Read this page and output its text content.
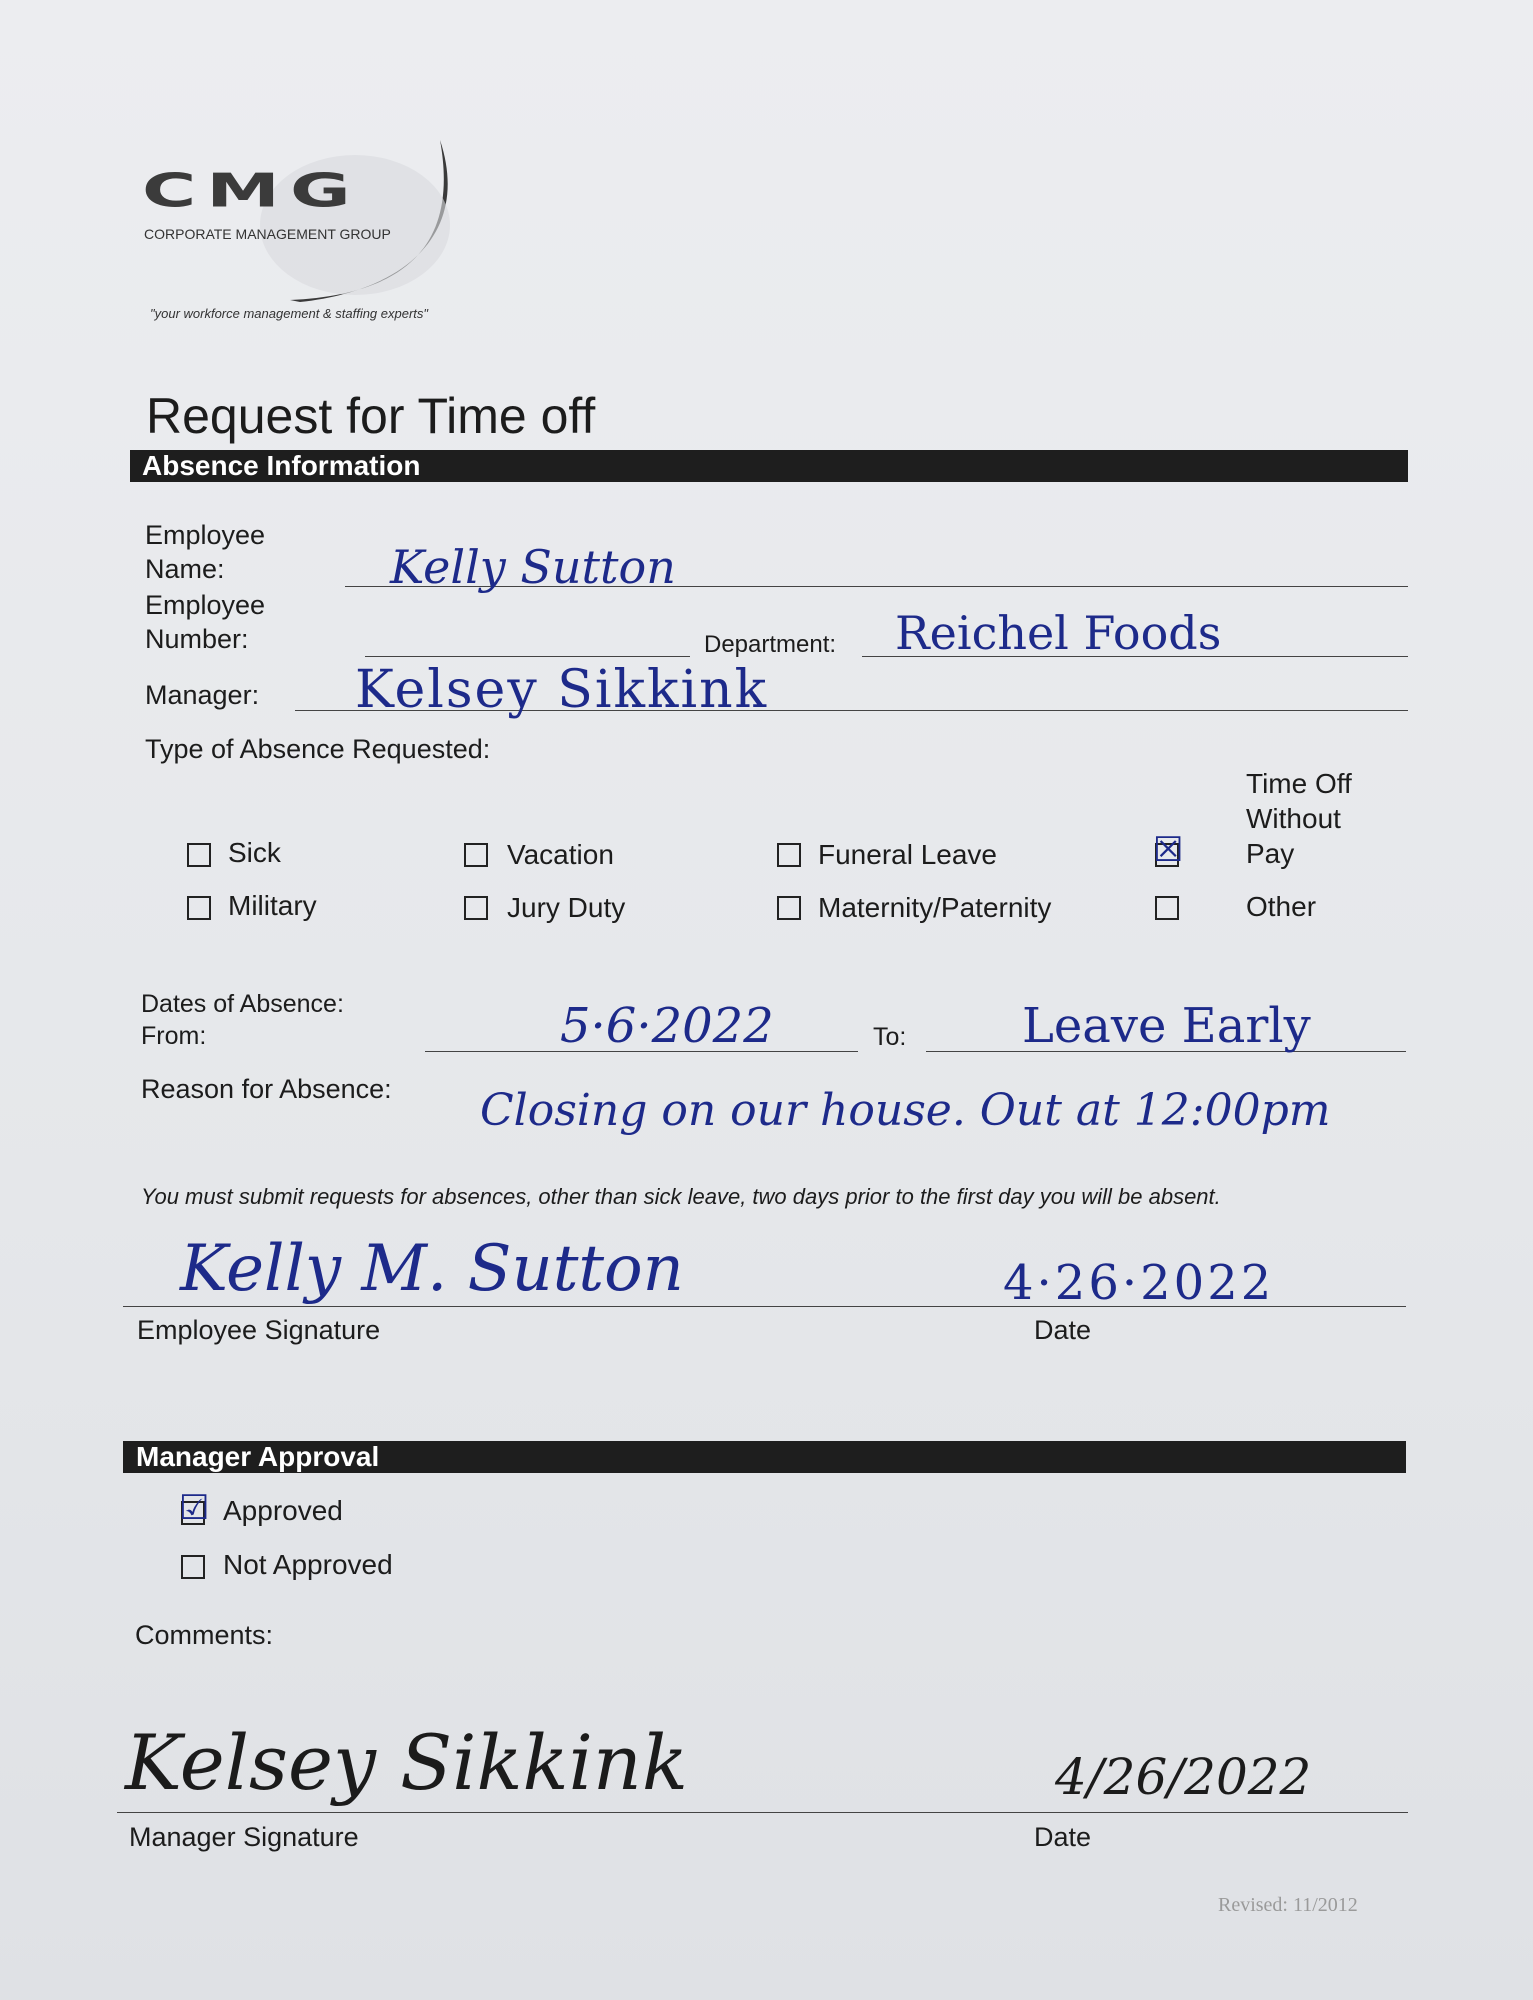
CMG
CORPORATE MANAGEMENT GROUP
"your workforce management & staffing experts"
Request for Time off
Absence Information
Employee
Name:	Kelly Sutton
Employee
Number:	Department: Reichel Foods
Manager: Kelsey Sikkink
Type of Absence Requested:
Sick	Vacation	Funeral Leave	☒
Time Off
Without
Pay
Military	Jury Duty	Maternity/Paternity	Other
Dates of Absence:
From:	5·6·2022	To: Leave Early
Reason for Absence: Closing on our house. Out at 12:00pm
You must submit requests for absences, other than sick leave, two days prior to the first day you will be absent.
Kelly M. Sutton
Employee Signature
4·26·2022
Date
Manager Approval
☑ Approved
Not Approved
Comments:
Kelsey Sikkink
Manager Signature
4/26/2022
Date
Revised: 11/2012
